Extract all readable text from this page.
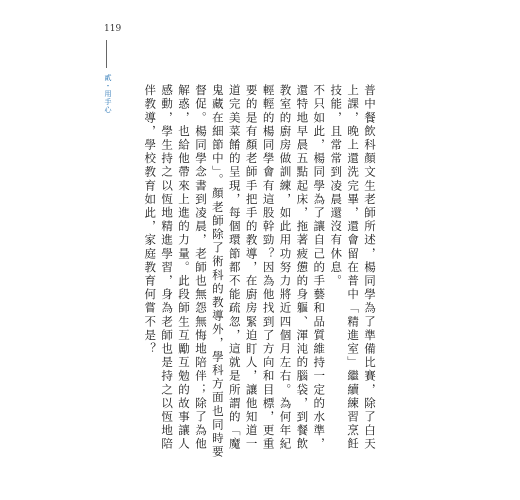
119
貳・用手心	普中餐飲科顏文生老師所述，楊同學為了準備比賽，除了白天上課，晚上還洗完畢，還會留在普中「精進室」繼續練習烹飪技能，且常常到凌晨還沒有休息。

不只如此，楊同學為了讓自己的手藝和品質維持一定的水準，還特地早晨五點起床，拖著疲憊的身軀、渾沌的腦袋，到餐飲教室的廚房做訓練，如此用功努力將近四個月左右。為何年紀輕輕的楊同學會有這股幹勁？因為他找到了方向和目標，更重要的是有顏老師手把手的教導，在廚房緊迫盯人，讓他知道一道完美菜餚的呈現，每個環節都不能疏忽，這就是所謂的「魔鬼藏在細節中」。顏老師除了術科的教導外，學科方面也同時要督促。楊同學念書到凌晨，老師也無怨無悔地陪伴；除了為他解惑，也給他帶來上進的力量。此段師生互勵互勉的故事讓人感動，學生持之以恆地精進學習，身為老師也是持之以恆地陪伴教導，學校教育如此，家庭教育何嘗不是？
